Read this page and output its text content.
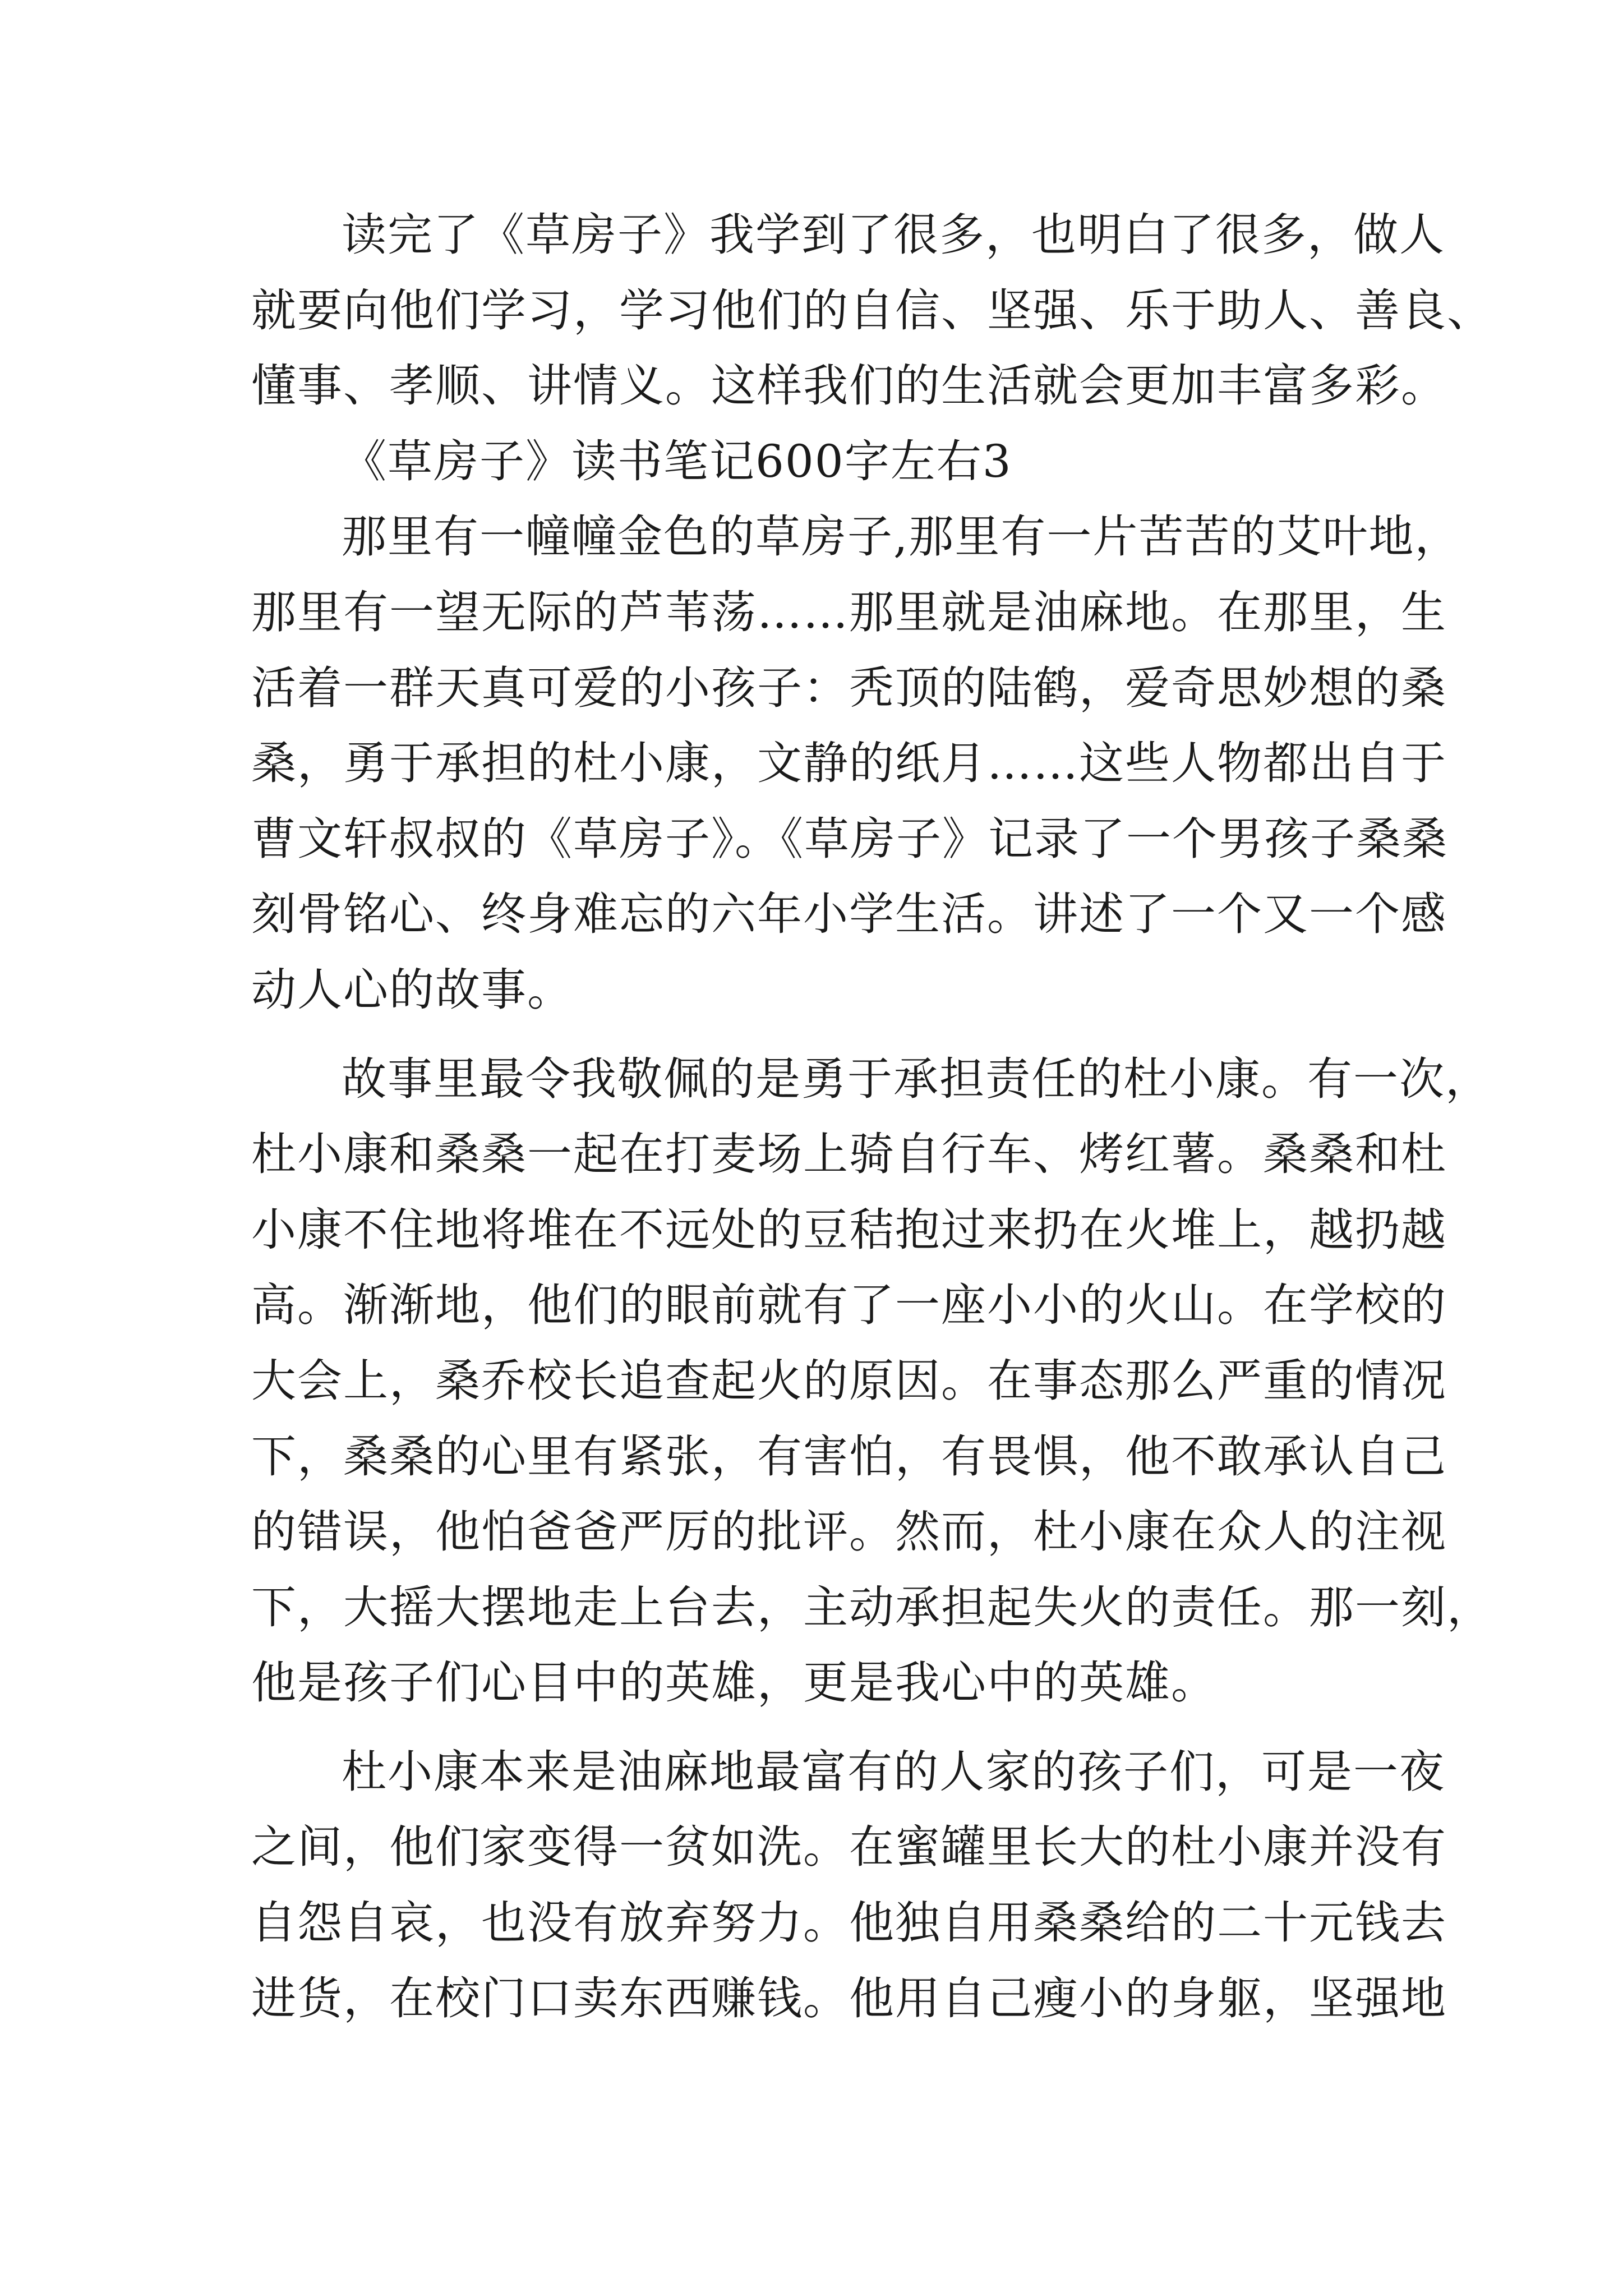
读完了《草房子》我学到了很多，也明白了很多，做人
就要向他们学习，学习他们的自信、坚强、乐于助人、善良、
懂事、孝顺、讲情义。这样我们的生活就会更加丰富多彩。
《草房子》读书笔记600字左右3
那里有一幢幢金色的草房子,那里有一片苦苦的艾叶地，
那里有一望无际的芦苇荡……那里就是油麻地。在那里，生
活着一群天真可爱的小孩子：秃顶的陆鹤，爱奇思妙想的桑
桑，勇于承担的杜小康，文静的纸月……这些人物都出自于
曹文轩叔叔的《草房子》。《草房子》记录了一个男孩子桑桑
刻骨铭心、终身难忘的六年小学生活。讲述了一个又一个感
动人心的故事。
故事里最令我敬佩的是勇于承担责任的杜小康。有一次，
杜小康和桑桑一起在打麦场上骑自行车、烤红薯。桑桑和杜
小康不住地将堆在不远处的豆秸抱过来扔在火堆上，越扔越
高。渐渐地，他们的眼前就有了一座小小的火山。在学校的
大会上，桑乔校长追查起火的原因。在事态那么严重的情况
下，桑桑的心里有紧张，有害怕，有畏惧，他不敢承认自己
的错误，他怕爸爸严厉的批评。然而，杜小康在众人的注视
下，大摇大摆地走上台去，主动承担起失火的责任。那一刻，
他是孩子们心目中的英雄，更是我心中的英雄。
杜小康本来是油麻地最富有的人家的孩子们，可是一夜
之间，他们家变得一贫如洗。在蜜罐里长大的杜小康并没有
自怨自哀，也没有放弃努力。他独自用桑桑给的二十元钱去
进货，在校门口卖东西赚钱。他用自己瘦小的身躯，坚强地
